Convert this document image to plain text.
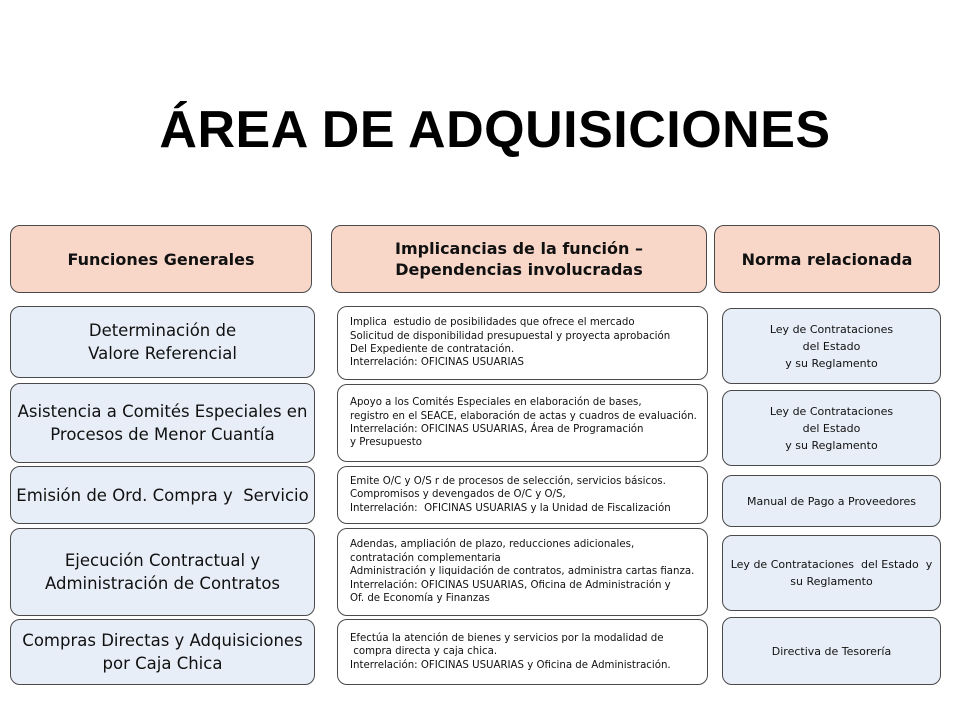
ÁREA DE ADQUISICIONES
Funciones Generales
Implicancias de la función –
Dependencias involucradas
Norma relacionada
Determinación de
Valore Referencial
Implica  estudio de posibilidades que ofrece el mercado
Solicitud de disponibilidad presupuestal y proyecta aprobación
Del Expediente de contratación.
Interrelación: OFICINAS USUARIAS
Ley de Contrataciones
del Estado
y su Reglamento
Asistencia a Comités Especiales en
Procesos de Menor Cuantía
Apoyo a los Comités Especiales en elaboración de bases,
registro en el SEACE, elaboración de actas y cuadros de evaluación.
Interrelación: OFICINAS USUARIAS, Área de Programación
y Presupuesto
Ley de Contrataciones
del Estado
y su Reglamento
Emisión de Ord. Compra y  Servicio
Emite O/C y O/S r de procesos de selección, servicios básicos.
Compromisos y devengados de O/C y O/S,
Interrelación:  OFICINAS USUARIAS y la Unidad de Fiscalización
Manual de Pago a Proveedores
Ejecución Contractual y
Administración de Contratos
Adendas, ampliación de plazo, reducciones adicionales,
contratación complementaria
Administración y liquidación de contratos, administra cartas fianza.
Interrelación: OFICINAS USUARIAS, Oficina de Administración y
Of. de Economía y Finanzas
Ley de Contrataciones  del Estado  y
su Reglamento
Compras Directas y Adquisiciones
por Caja Chica
Efectúa la atención de bienes y servicios por la modalidad de
compra directa y caja chica.
Interrelación: OFICINAS USUARIAS y Oficina de Administración.
Directiva de Tesorería
